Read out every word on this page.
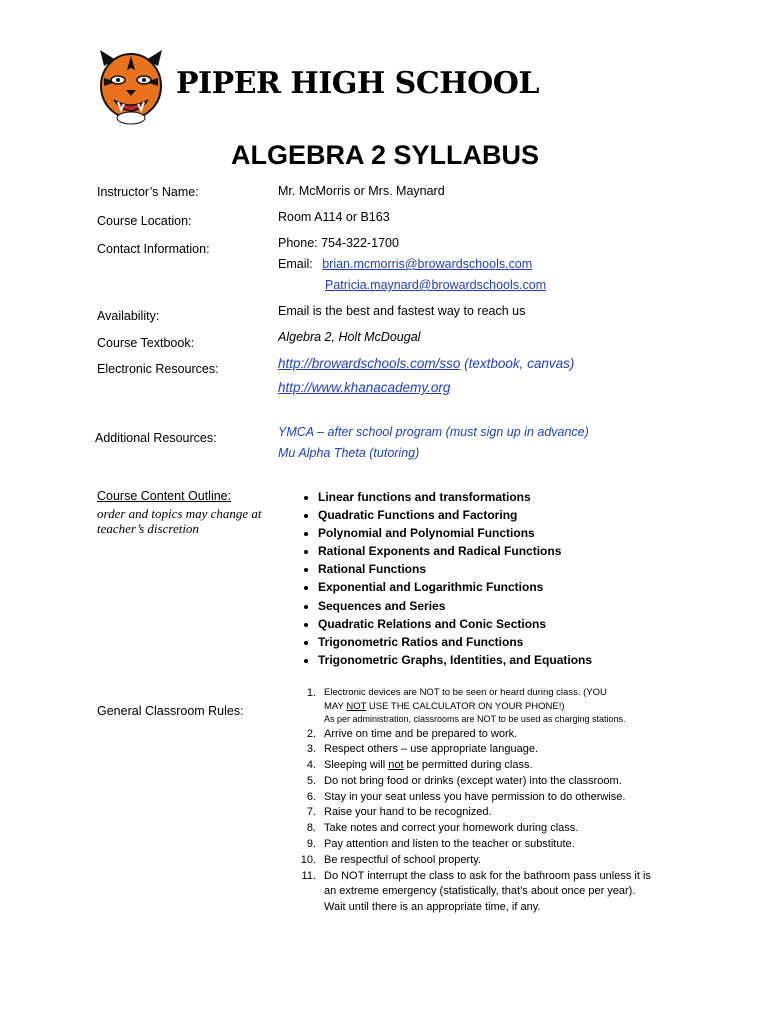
PIPER HIGH SCHOOL
ALGEBRA 2 SYLLABUS
Instructor’s Name:	Mr. McMorris or Mrs. Maynard
Course Location:	Room A114 or B163
Contact Information:	Phone: 754-322-1700
Email: brian.mcmorris@browardschools.com
Patricia.maynard@browardschools.com
Availability:	Email is the best and fastest way to reach us
Course Textbook:	Algebra 2, Holt McDougal
Electronic Resources:	http://browardschools.com/sso (textbook, canvas)
http://www.khanacademy.org
Additional Resources:	YMCA – after school program (must sign up in advance)
Mu Alpha Theta (tutoring)
Course Content Outline:
order and topics may change at teacher’s discretion
• Linear functions and transformations
• Quadratic Functions and Factoring
• Polynomial and Polynomial Functions
• Rational Exponents and Radical Functions
• Rational Functions
• Exponential and Logarithmic Functions
• Sequences and Series
• Quadratic Relations and Conic Sections
• Trigonometric Ratios and Functions
• Trigonometric Graphs, Identities, and Equations
General Classroom Rules:
1. Electronic devices are NOT to be seen or heard during class. (YOU
MAY NOT USE THE CALCULATOR ON YOUR PHONE!)
As per administration, classrooms are NOT to be used as charging stations.
2. Arrive on time and be prepared to work.
3. Respect others – use appropriate language.
4. Sleeping will not be permitted during class.
5. Do not bring food or drinks (except water) into the classroom.
6. Stay in your seat unless you have permission to do otherwise.
7. Raise your hand to be recognized.
8. Take notes and correct your homework during class.
9. Pay attention and listen to the teacher or substitute.
10. Be respectful of school property.
11. Do NOT interrupt the class to ask for the bathroom pass unless it is
an extreme emergency (statistically, that’s about once per year).
Wait until there is an appropriate time, if any.
